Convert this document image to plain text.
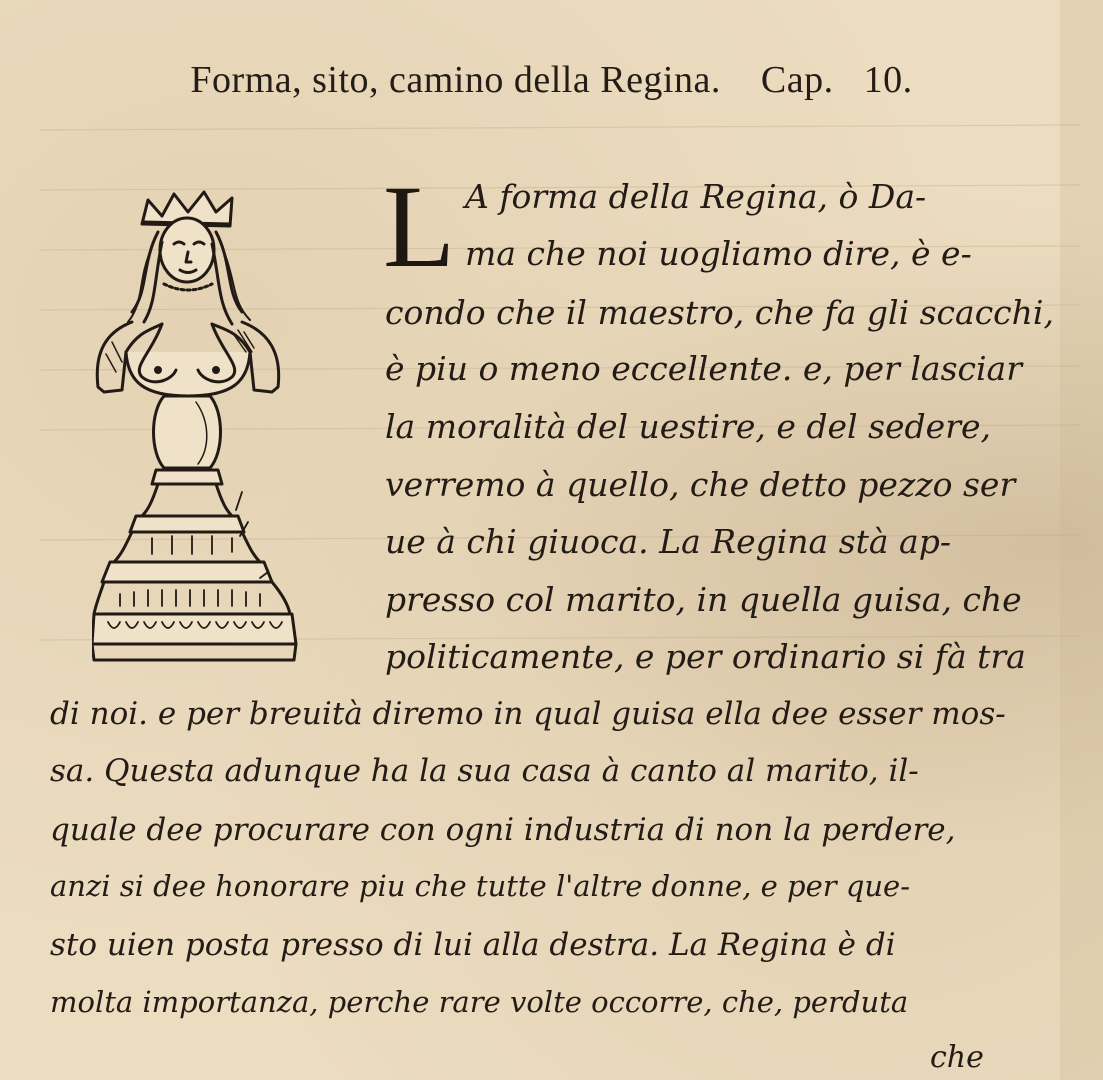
Forma, sito, camino della Regina. Cap. 10.
L A forma della Regina, ò Da-
ma che noi uogliamo dire, è e-
condo che il maestro, che fa gli scacchi,
è piu o meno eccellente. e, per lasciar
la moralità del uestire, e del sedere,
verremo à quello, che detto pezzo ser
ue à chi giuoca. La Regina stà ap-
presso col marito, in quella guisa, che
politicamente, e per ordinario si fà tra
di noi. e per breuità diremo in qual guisa ella dee esser mos-
sa. Questa adunque ha la sua casa à canto al marito, il-
quale dee procurare con ogni industria di non la perdere,
anzi si dee honorare piu che tutte l'altre donne, e per que-
sto uien posta presso di lui alla destra. La Regina è di
molta importanza, perche rare volte occorre, che, perduta
che
